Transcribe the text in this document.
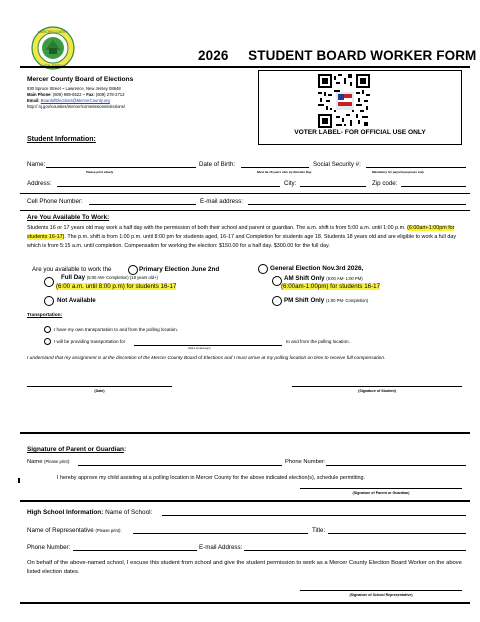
MERCER COUNTY
NEW JERSEY
2026 STUDENT BOARD WORKER FORM
Mercer County Board of Elections
930 Spruce Street ~ Lawrence, New Jersey 08648
Main Phone: (609) 989-6522 ~ Fax: (609) 278-2713
Email: BoardofElections@MercerCounty.org
http://.nj.gov/counties/mercer/commissions/elections/
VOTER LABEL- FOR OFFICIAL USE ONLY
Student Information:
Name:	Date of Birth:	Social Security #:
Please print clearly	Must be 16 years old+ by Election Day	Mandatory for payroll purposes only
Address:	City:	Zip code:
Cell Phone Number:	E-mail address:
Are You Available To Work:
Students 16 or 17 years old may work a half day with the permission of both their school and parent or guardian. The a.m. shift is from 5:00 a.m. until 1:00 p.m. (6:00am-1:00pm for students 16-17). The p.m. shift is from 1:00 p.m. until 8:00 pm for students aged, 16-17 and Completion for students age 18. Students 18 years old and are eligible to work a full day which is from 5:15 a.m. until completion. Compensation for working the election: $150.00 for a half day. $300.00 for the full day.
Are you available to work the	Primary Election June 2nd	General Election Nov.3rd 2026,
Full Day (5:00 AM- Completion) (18 years old+)
(6:00 a.m. until 8:00 p.m) for students 16-17
AM Shift Only (5:00 AM- 1:00 PM)
(6:00am-1:00pm) for students 16-17
Not Available	PM Shift Only (1:00 PM- Completion)
Transportation:
I have my own transportation to and from the polling location.
I will be providing transportation for	to and from the polling location.
(Name of passenger)
I understand that my assignment is at the discretion of the Mercer County Board of Elections and I must arrive at my polling location on time to receive full compensation.
(Date)	(Signature of Student)
Signature of Parent or Guardian:
Name (Please print):	Phone Number:
I hereby approve my child assisting at a polling location in Mercer County for the above indicated election(s), schedule permitting.
(Signature of Parent or Guardian)
High School Information: Name of School:
Name of Representative (Please print):	Title:
Phone Number:	E-mail Address:
On behalf of the above-named school, I excuse this student from school and give the student permission to work as a Mercer County Election Board Worker on the above listed election dates.
(Signature of School Representative)
